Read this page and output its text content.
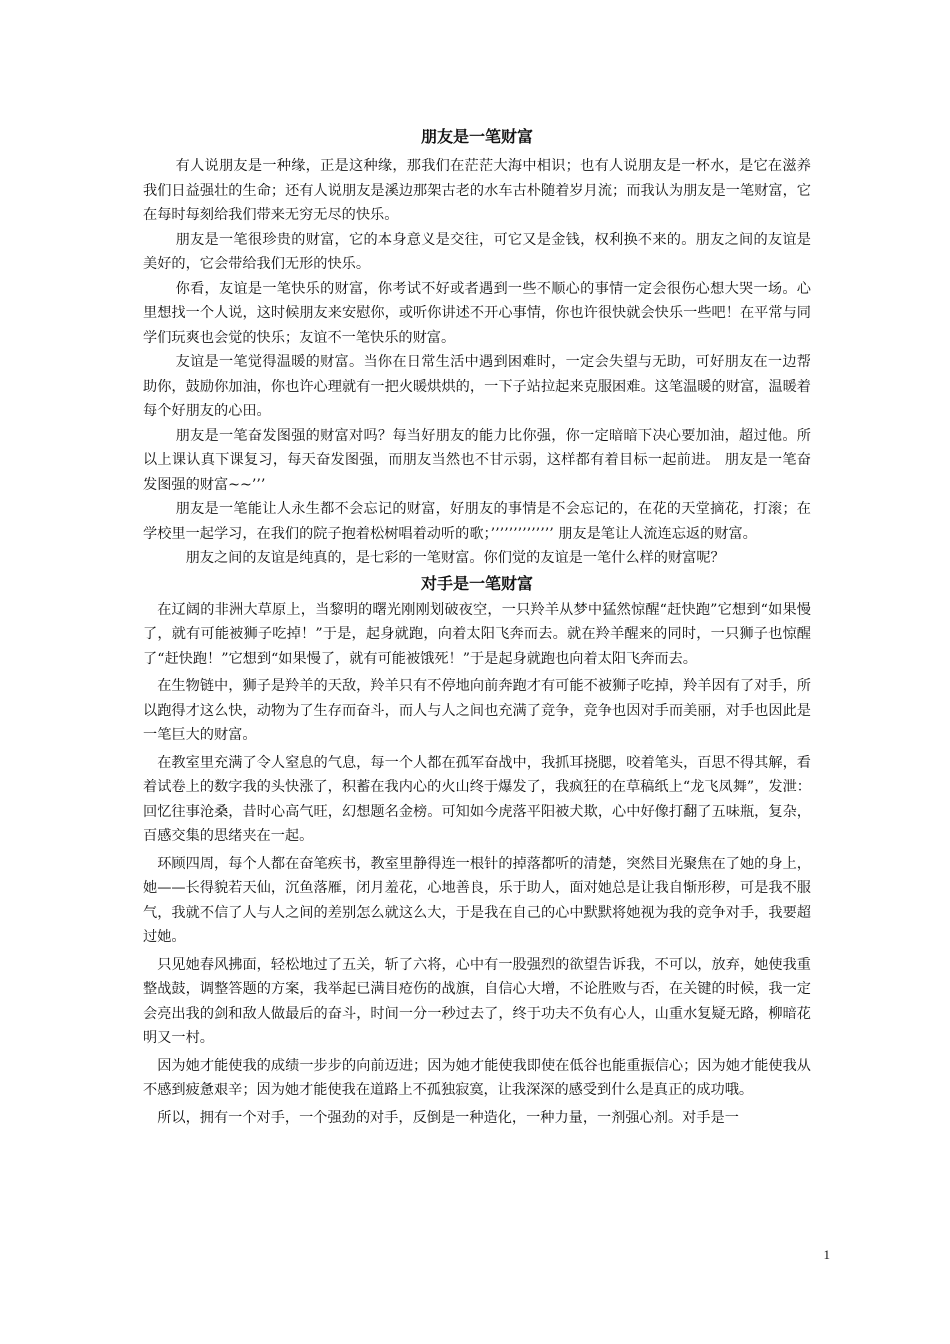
朋友是一笔财富

有人说朋友是一种缘，正是这种缘，那我们在茫茫大海中相识；也有人说朋友是一杯水，是它在滋养我们日益强壮的生命；还有人说朋友是溪边那架古老的水车古朴随着岁月流；而我认为朋友是一笔财富，它在每时每刻给我们带来无穷无尽的快乐。

朋友是一笔很珍贵的财富，它的本身意义是交往，可它又是金钱，权利换不来的。朋友之间的友谊是美好的，它会带给我们无形的快乐。

你看，友谊是一笔快乐的财富，你考试不好或者遇到一些不顺心的事情一定会很伤心想大哭一场。心里想找一个人说，这时候朋友来安慰你，或听你讲述不开心事情，你也许很快就会快乐一些吧！在平常与同学们玩爽也会觉的快乐；友谊不一笔快乐的财富。

友谊是一笔觉得温暖的财富。当你在日常生活中遇到困难时，一定会失望与无助，可好朋友在一边帮助你，鼓励你加油，你也许心理就有一把火暖烘烘的，一下子站拉起来克服困难。这笔温暖的财富，温暖着每个好朋友的心田。

朋友是一笔奋发图强的财富对吗？每当好朋友的能力比你强，你一定暗暗下决心要加油，超过他。所以上课认真下课复习，每天奋发图强，而朋友当然也不甘示弱，这样都有着目标一起前进。 朋友是一笔奋发图强的财富~~’’’

朋友是一笔能让人永生都不会忘记的财富，好朋友的事情是不会忘记的，在花的天堂摘花，打滚；在学校里一起学习，在我们的院子抱着松树唱着动听的歌；’’’’’’’’’’’’’’ 朋友是笔让人流连忘返的财富。

朋友之间的友谊是纯真的，是七彩的一笔财富。你们觉的友谊是一笔什么样的财富呢？

对手是一笔财富

在辽阔的非洲大草原上，当黎明的曙光刚刚划破夜空，一只羚羊从梦中猛然惊醒“赶快跑”它想到“如果慢了，就有可能被狮子吃掉！”于是，起身就跑，向着太阳飞奔而去。就在羚羊醒来的同时，一只狮子也惊醒了“赶快跑！”它想到“如果慢了，就有可能被饿死！”于是起身就跑也向着太阳飞奔而去。

在生物链中，狮子是羚羊的天敌，羚羊只有不停地向前奔跑才有可能不被狮子吃掉，羚羊因有了对手，所以跑得才这么快，动物为了生存而奋斗，而人与人之间也充满了竞争，竞争也因对手而美丽，对手也因此是一笔巨大的财富。

在教室里充满了令人窒息的气息，每一个人都在孤军奋战中，我抓耳挠腮，咬着笔头，百思不得其解，看着试卷上的数字我的头快涨了，积蓄在我内心的火山终于爆发了，我疯狂的在草稿纸上“龙飞凤舞”，发泄：回忆往事沧桑，昔时心高气旺，幻想题名金榜。可知如今虎落平阳被犬欺，心中好像打翻了五味瓶，复杂，百感交集的思绪夹在一起。

环顾四周，每个人都在奋笔疾书，教室里静得连一根针的掉落都听的清楚，突然目光聚焦在了她的身上，她——长得貌若天仙，沉鱼落雁，闭月羞花，心地善良，乐于助人，面对她总是让我自惭形秽，可是我不服气，我就不信了人与人之间的差别怎么就这么大，于是我在自己的心中默默将她视为我的竞争对手，我要超过她。

只见她春风拂面，轻松地过了五关，斩了六将，心中有一股强烈的欲望告诉我，不可以，放弃，她使我重整战鼓，调整答题的方案，我举起已满目疮伤的战旗，自信心大增，不论胜败与否，在关键的时候，我一定会亮出我的剑和敌人做最后的奋斗，时间一分一秒过去了，终于功夫不负有心人，山重水复疑无路，柳暗花明又一村。

因为她才能使我的成绩一步步的向前迈进；因为她才能使我即使在低谷也能重振信心；因为她才能使我从不感到疲惫艰辛；因为她才能使我在道路上不孤独寂寞，让我深深的感受到什么是真正的成功哦。

所以，拥有一个对手，一个强劲的对手，反倒是一种造化，一种力量，一剂强心剂。对手是一

1
